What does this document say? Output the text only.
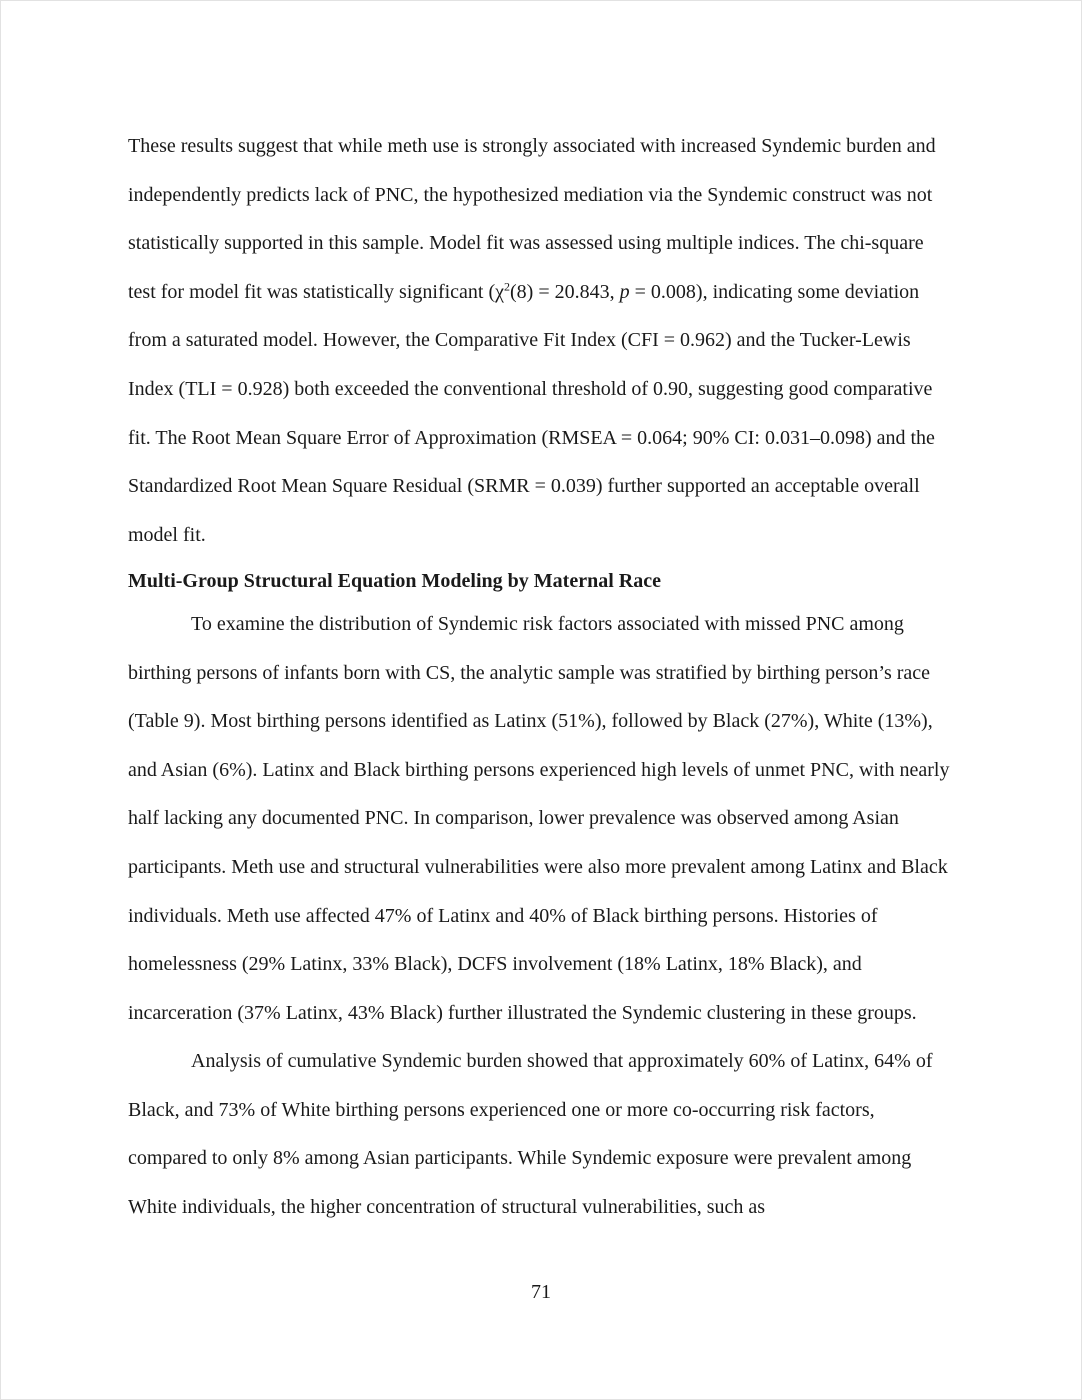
These results suggest that while meth use is strongly associated with increased Syndemic burden and independently predicts lack of PNC, the hypothesized mediation via the Syndemic construct was not statistically supported in this sample. Model fit was assessed using multiple indices. The chi-square test for model fit was statistically significant ($\chi^2(8) = 20.843$, p = 0.008), indicating some deviation from a saturated model. However, the Comparative Fit Index (CFI = 0.962) and the Tucker-Lewis Index (TLI = 0.928) both exceeded the conventional threshold of 0.90, suggesting good comparative fit. The Root Mean Square Error of Approximation (RMSEA = 0.064; 90% CI: 0.031–0.098) and the Standardized Root Mean Square Residual (SRMR = 0.039) further supported an acceptable overall model fit.

Multi-Group Structural Equation Modeling by Maternal Race

To examine the distribution of Syndemic risk factors associated with missed PNC among birthing persons of infants born with CS, the analytic sample was stratified by birthing person’s race (Table 9). Most birthing persons identified as Latinx (51%), followed by Black (27%), White (13%), and Asian (6%). Latinx and Black birthing persons experienced high levels of unmet PNC, with nearly half lacking any documented PNC. In comparison, lower prevalence was observed among Asian participants. Meth use and structural vulnerabilities were also more prevalent among Latinx and Black individuals. Meth use affected 47% of Latinx and 40% of Black birthing persons. Histories of homelessness (29% Latinx, 33% Black), DCFS involvement (18% Latinx, 18% Black), and incarceration (37% Latinx, 43% Black) further illustrated the Syndemic clustering in these groups.

Analysis of cumulative Syndemic burden showed that approximately 60% of Latinx, 64% of Black, and 73% of White birthing persons experienced one or more co-occurring risk factors, compared to only 8% among Asian participants. While Syndemic exposure were prevalent among White individuals, the higher concentration of structural vulnerabilities, such as

71
